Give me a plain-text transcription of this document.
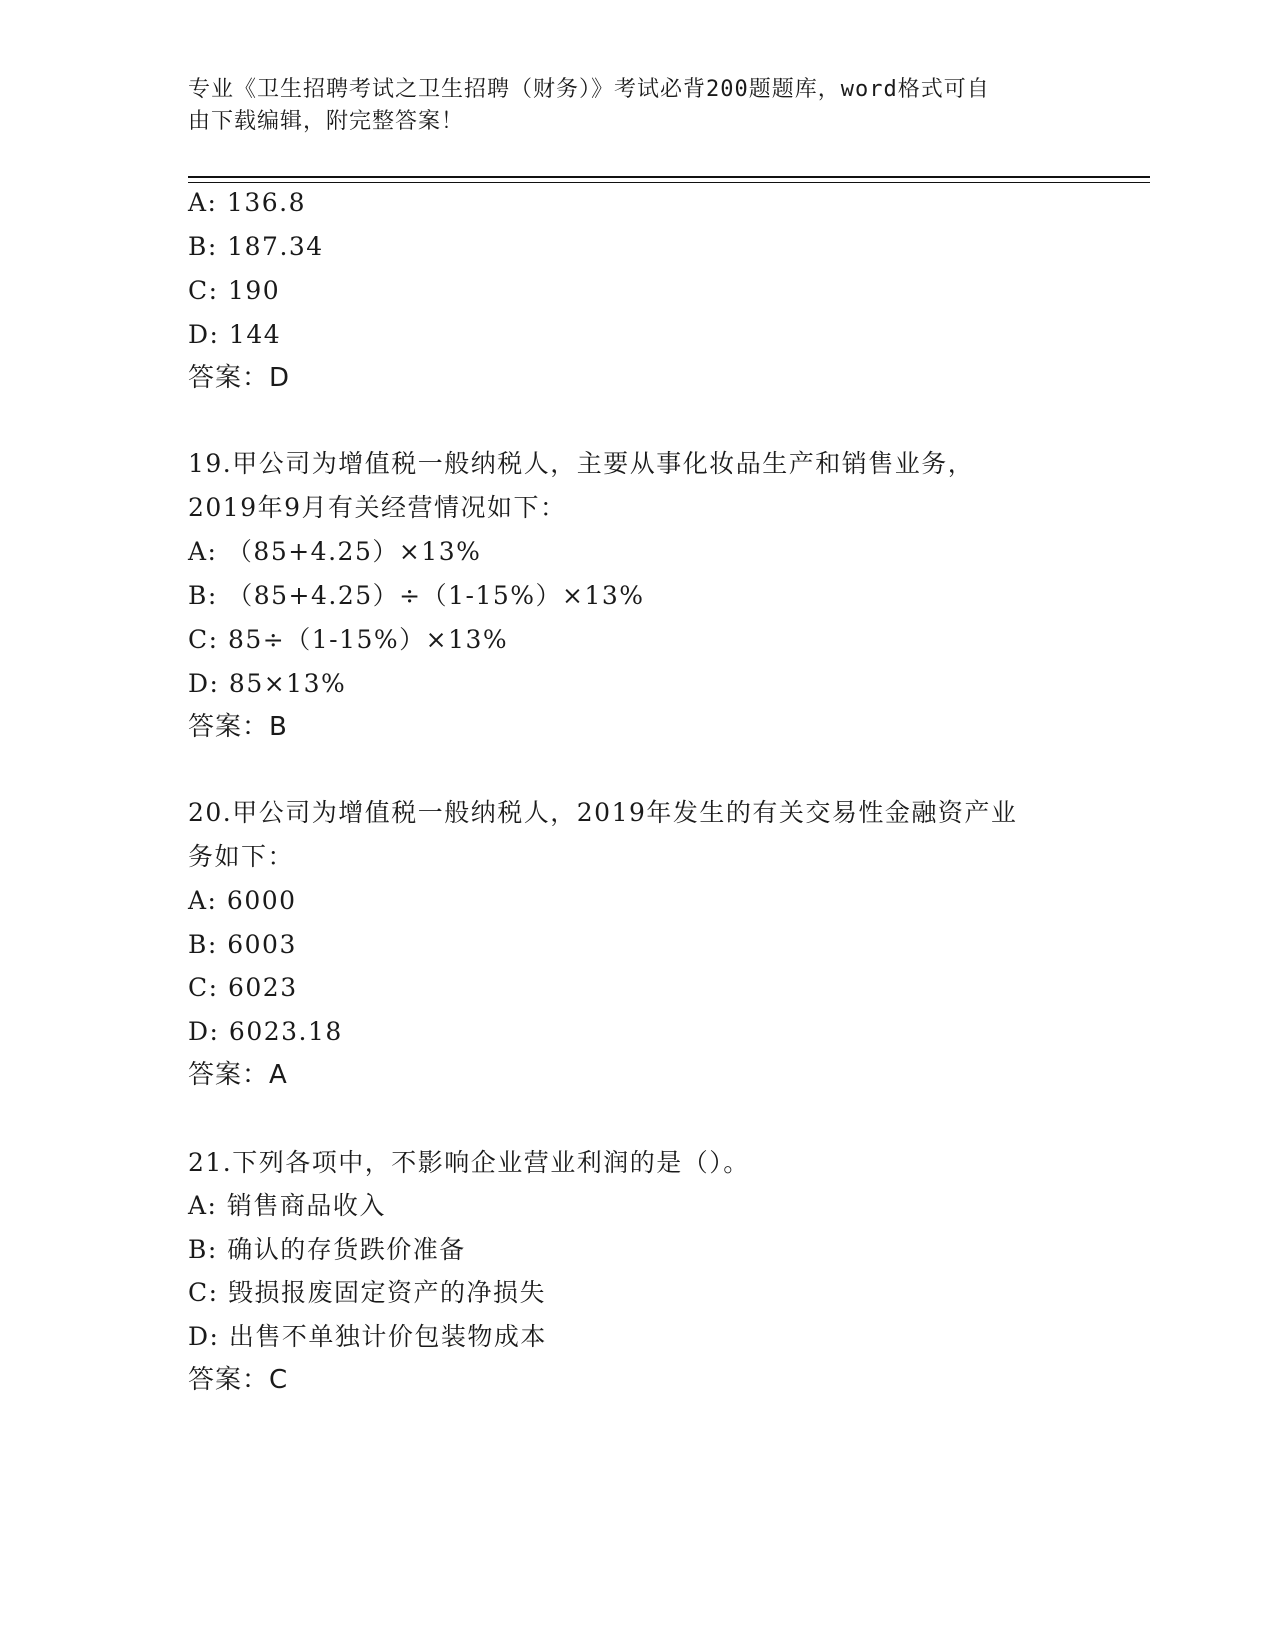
专业《卫生招聘考试之卫生招聘（财务）》考试必背200题题库，word格式可自
由下载编辑，附完整答案！
A: 136.8
B: 187.34
C: 190
D: 144
答案：D
19.甲公司为增值税一般纳税人，主要从事化妆品生产和销售业务，
2019年9月有关经营情况如下：
A: （85+4.25）×13%
B: （85+4.25）÷（1-15%）×13%
C: 85÷（1-15%）×13%
D: 85×13%
答案：B
20.甲公司为增值税一般纳税人，2019年发生的有关交易性金融资产业
务如下：
A: 6000
B: 6003
C: 6023
D: 6023.18
答案：A
21.下列各项中，不影响企业营业利润的是（）。
A: 销售商品收入
B: 确认的存货跌价准备
C: 毁损报废固定资产的净损失
D: 出售不单独计价包装物成本
答案：C
